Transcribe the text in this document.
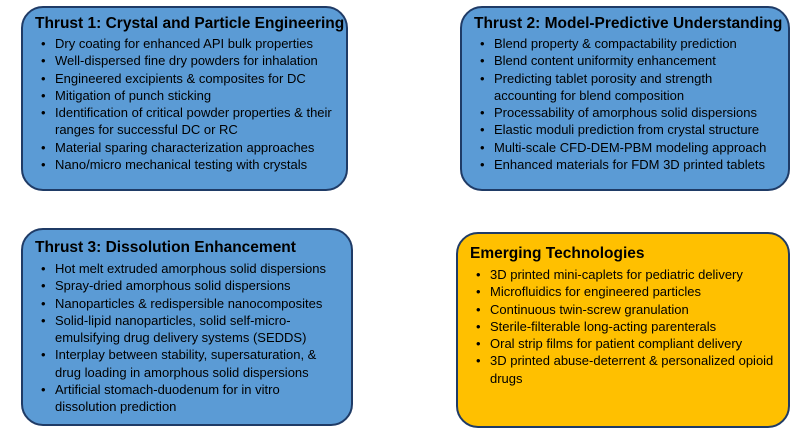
Thrust 1: Crystal and Particle Engineering
• Dry coating for enhanced API bulk properties
• Well-dispersed fine dry powders for inhalation
• Engineered excipients & composites for DC
• Mitigation of punch sticking
• Identification of critical powder properties & their ranges for successful DC or RC
• Material sparing characterization approaches
• Nano/micro mechanical testing with crystals
Thrust 2: Model-Predictive Understanding
• Blend property & compactability prediction
• Blend content uniformity enhancement
• Predicting tablet porosity and strength accounting for blend composition
• Processability of amorphous solid dispersions
• Elastic moduli prediction from crystal structure
• Multi-scale CFD-DEM-PBM modeling approach
• Enhanced materials for FDM 3D printed tablets
Thrust 3: Dissolution Enhancement
• Hot melt extruded amorphous solid dispersions
• Spray-dried amorphous solid dispersions
• Nanoparticles & redispersible nanocomposites
• Solid-lipid nanoparticles, solid self-micro-emulsifying drug delivery systems (SEDDS)
• Interplay between stability, supersaturation, & drug loading in amorphous solid dispersions
• Artificial stomach-duodenum for in vitro dissolution prediction
Emerging Technologies
• 3D printed mini-caplets for pediatric delivery
• Microfluidics for engineered particles
• Continuous twin-screw granulation
• Sterile-filterable long-acting parenterals
• Oral strip films for patient compliant delivery
• 3D printed abuse-deterrent & personalized opioid drugs
